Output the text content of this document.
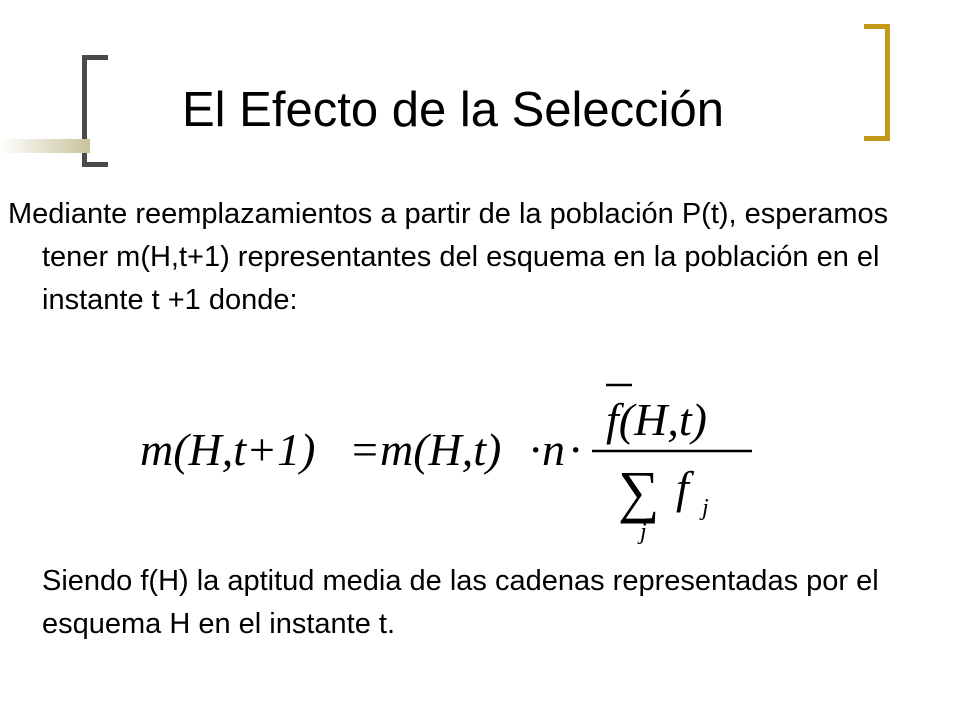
El Efecto de la Selección
Mediante reemplazamientos a partir de la población P(t), esperamos tener m(H,t+1) representantes del esquema en la población en el instante t +1 donde:
m(H,t+1) = m(H,t) ·
n ·
f(H,t)
∑ f j
j
Siendo f(H) la aptitud media de las cadenas representadas por el esquema H en el instante t.
